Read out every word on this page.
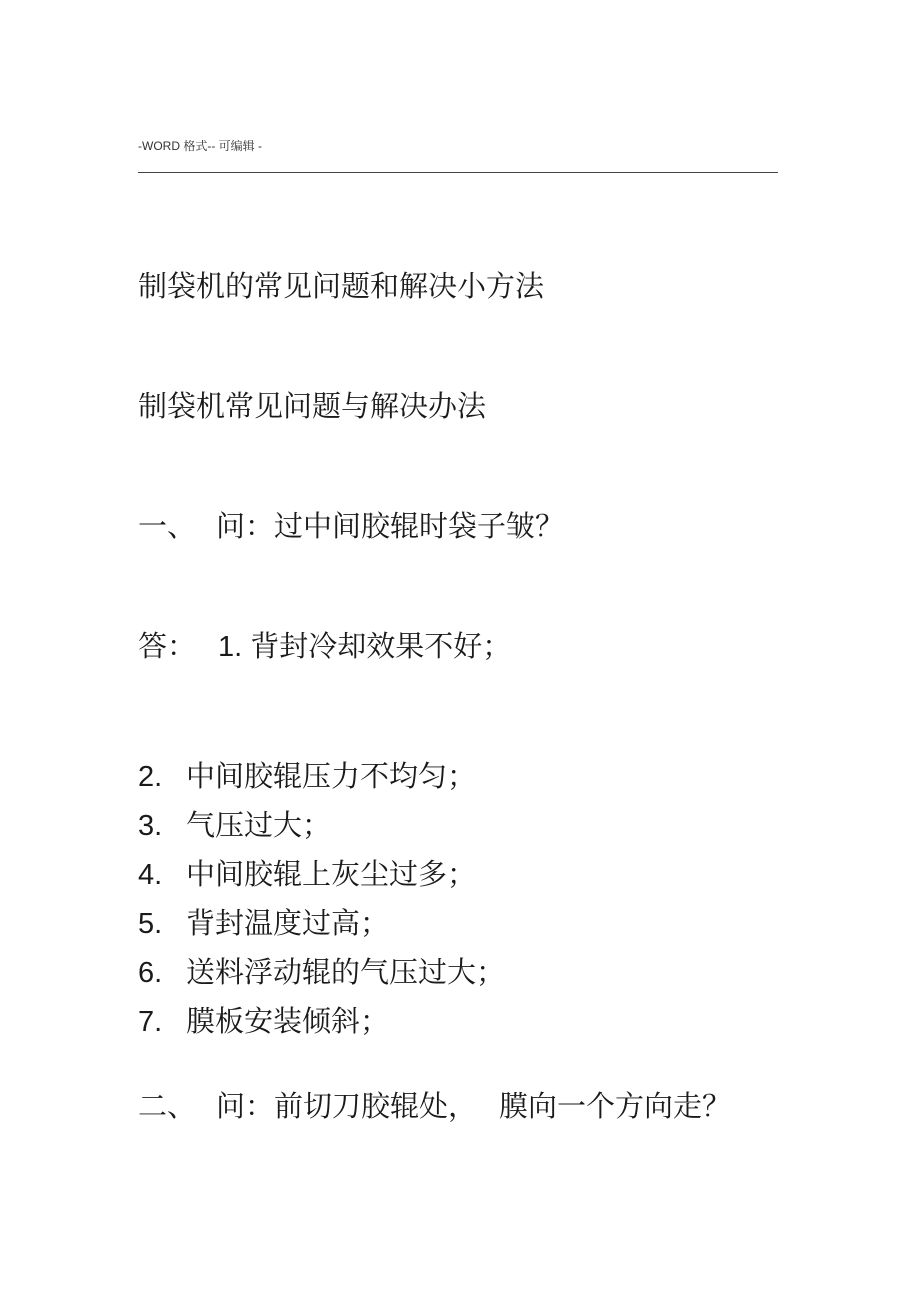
-WORD 格式-- 可编辑 -
制袋机的常见问题和解决小方法
制袋机常见问题与解决办法
一、 问：过中间胶辊时袋子皱？
答： 1. 背封冷却效果不好；
2. 中间胶辊压力不均匀；
3. 气压过大；
4. 中间胶辊上灰尘过多；
5. 背封温度过高；
6. 送料浮动辊的气压过大；
7. 膜板安装倾斜；
二、 问：前切刀胶辊处， 膜向一个方向走？
